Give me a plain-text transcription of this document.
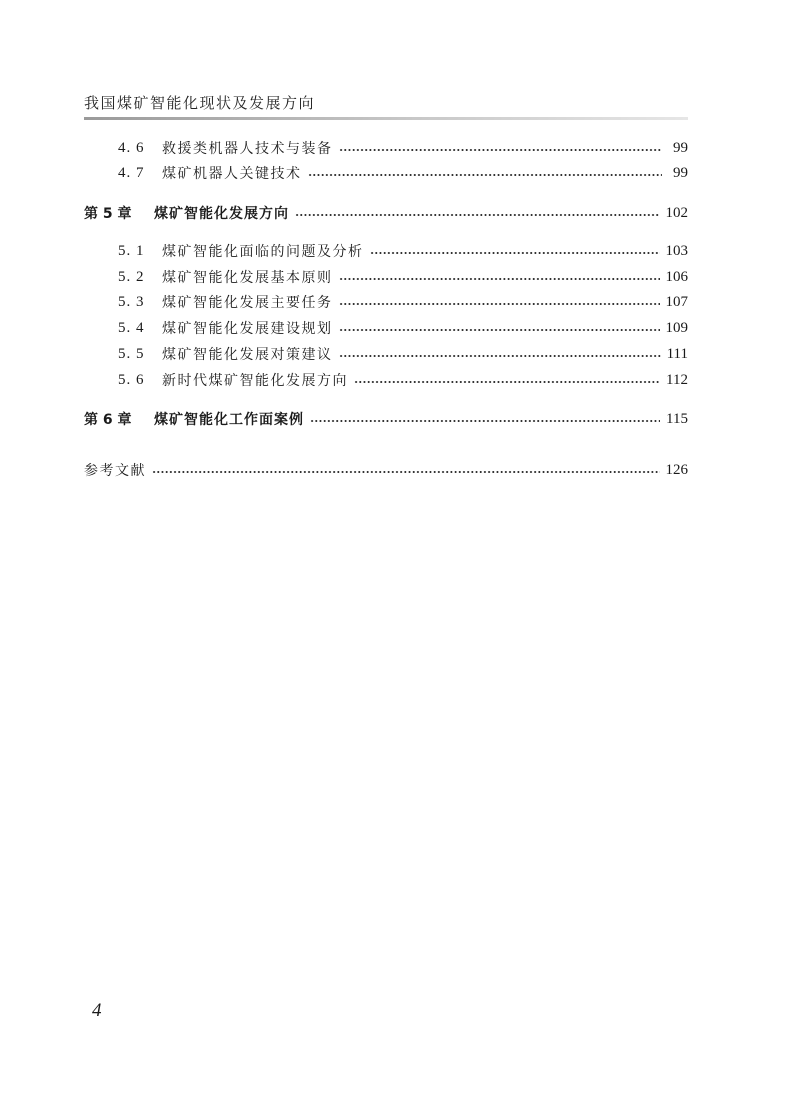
我国煤矿智能化现状及发展方向
4. 6	救援类机器人技术与装备	99
4. 7	煤矿机器人关键技术	99
第 5 章	煤矿智能化发展方向	102
5. 1	煤矿智能化面临的问题及分析	103
5. 2	煤矿智能化发展基本原则	106
5. 3	煤矿智能化发展主要任务	107
5. 4	煤矿智能化发展建设规划	109
5. 5	煤矿智能化发展对策建议	111
5. 6	新时代煤矿智能化发展方向	112
第 6 章	煤矿智能化工作面案例	115
参考文献	126
4
